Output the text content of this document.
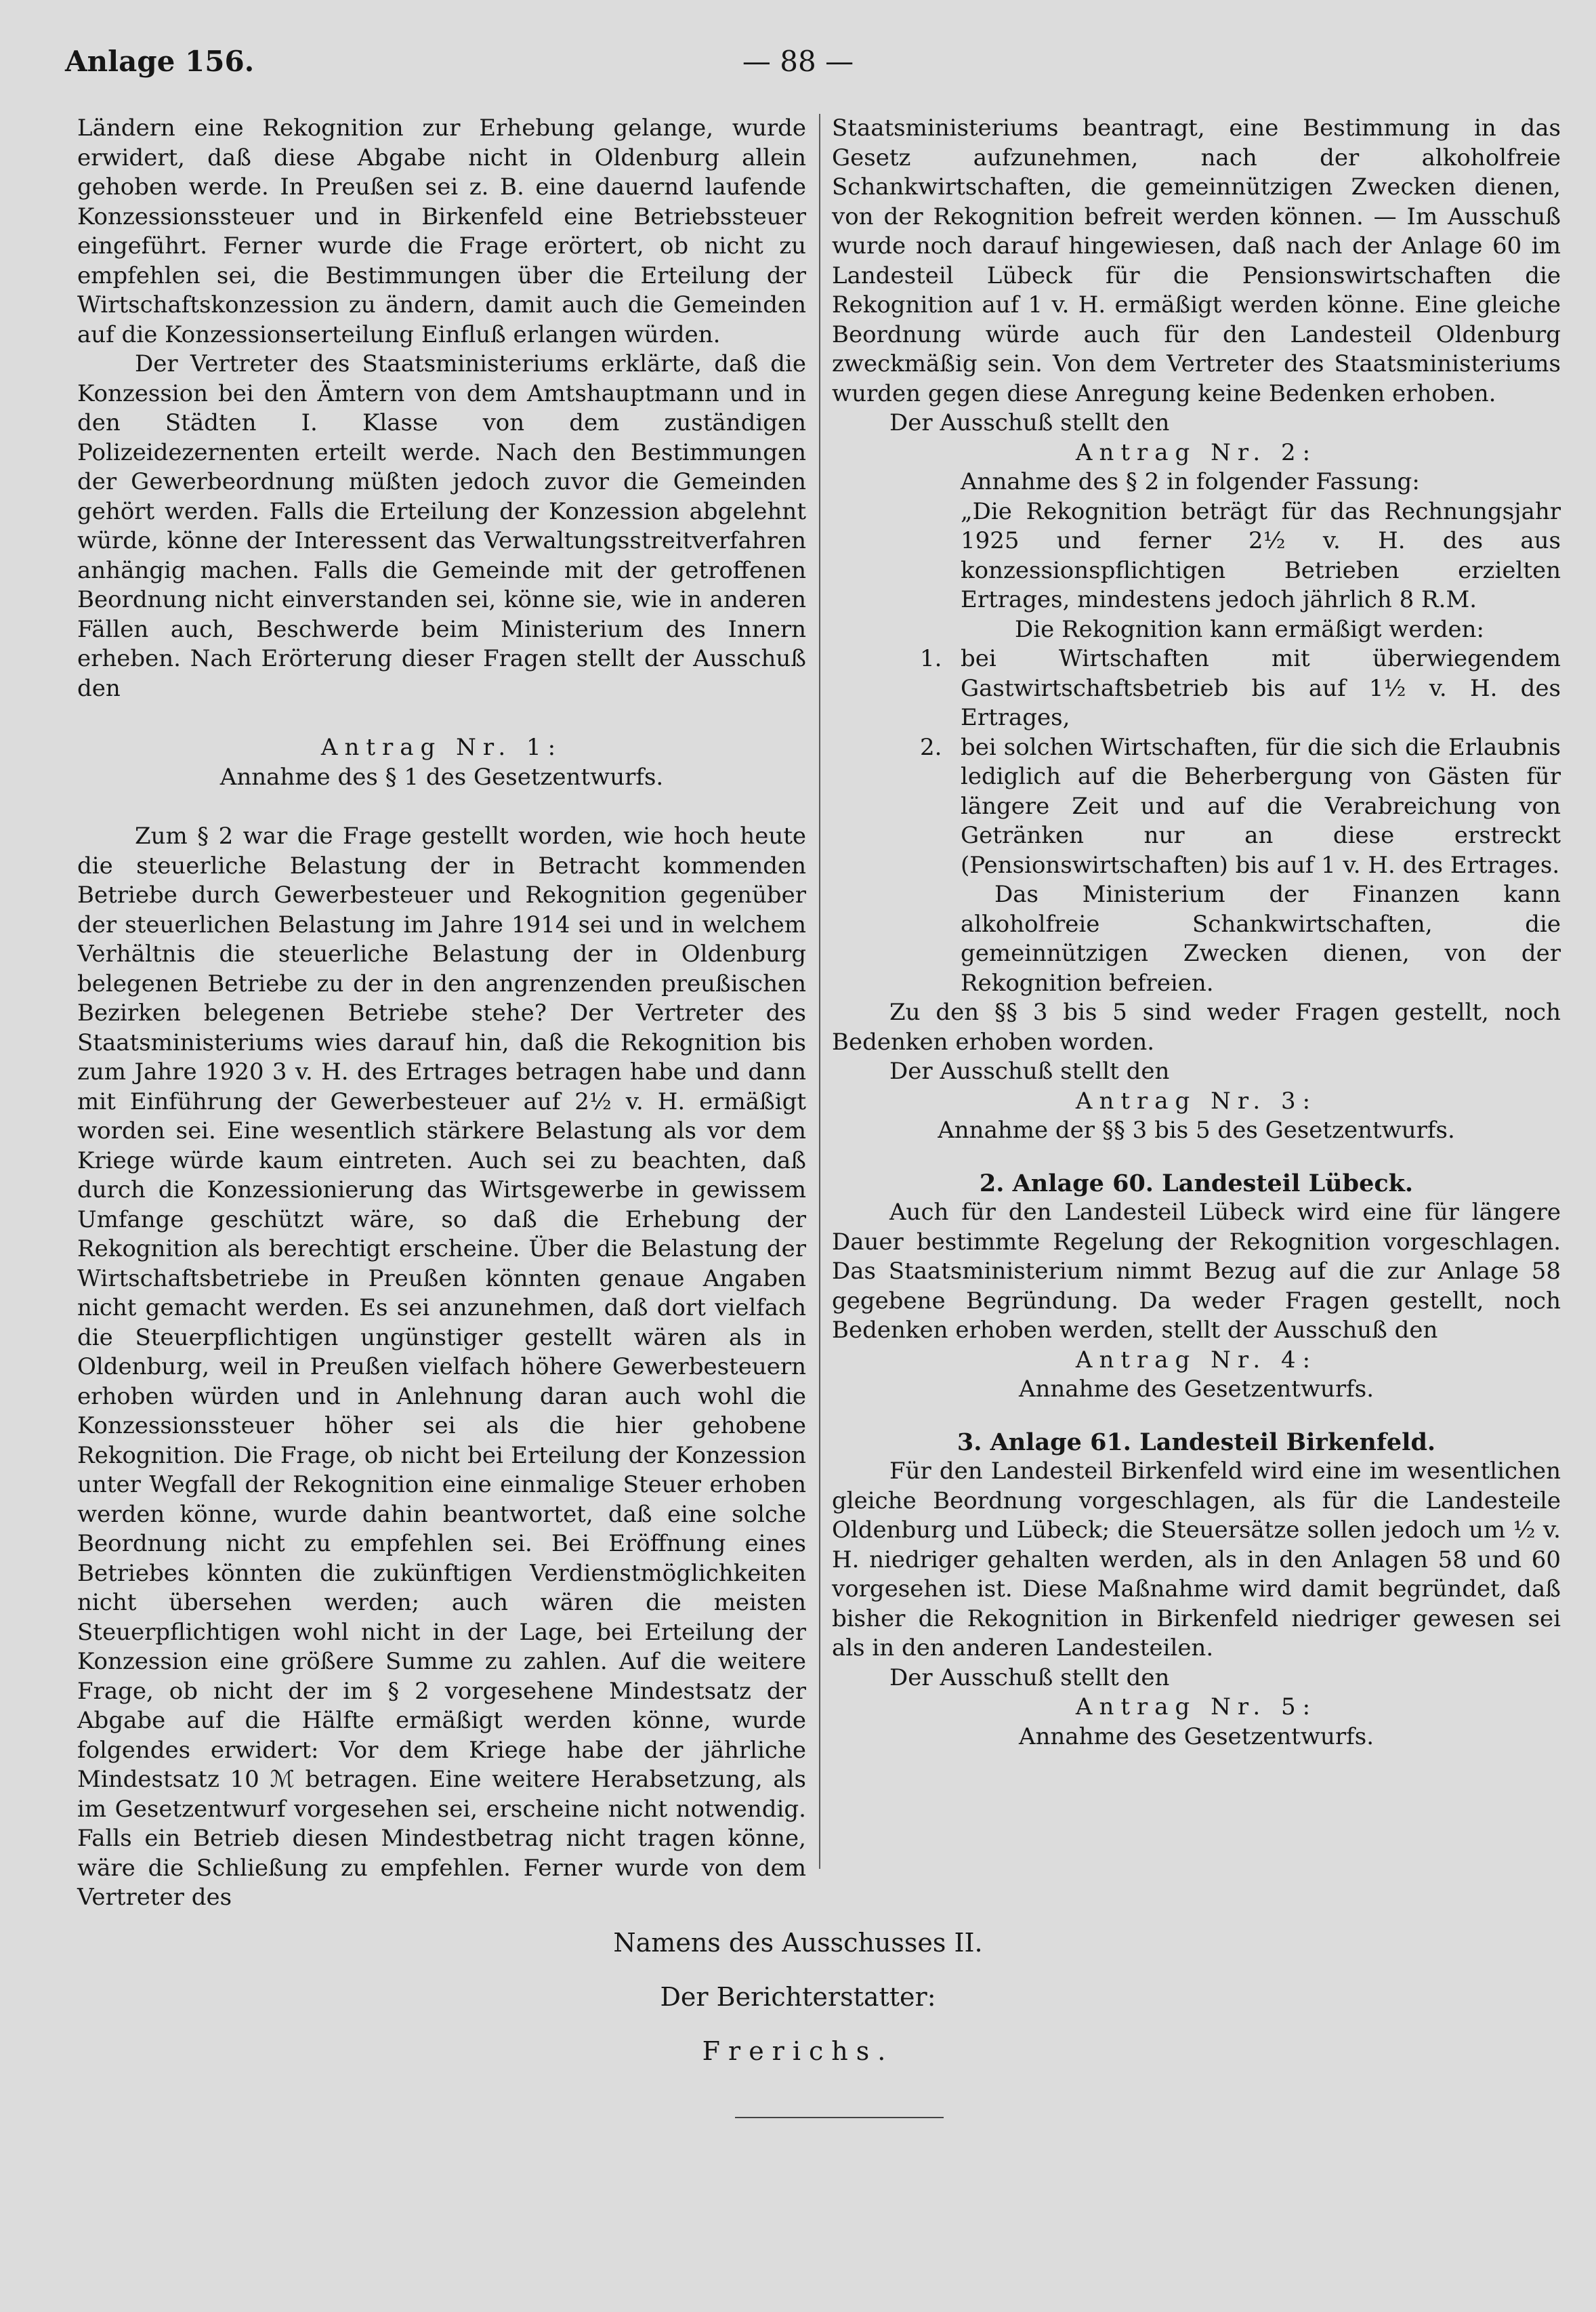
Anlage 156.	— 88 —

Ländern eine Rekognition zur Erhebung gelange, wurde erwidert, daß diese Abgabe nicht in Oldenburg allein gehoben werde. In Preußen sei z. B. eine dauernd laufende Konzessionssteuer und in Birkenfeld eine Betriebssteuer eingeführt. Ferner wurde die Frage erörtert, ob nicht zu empfehlen sei, die Bestimmungen über die Erteilung der Wirtschaftskonzession zu ändern, damit auch die Gemeinden auf die Konzessionserteilung Einfluß erlangen würden.

Der Vertreter des Staatsministeriums erklärte, daß die Konzession bei den Ämtern von dem Amtshauptmann und in den Städten I. Klasse von dem zuständigen Polizeidezernenten erteilt werde. Nach den Bestimmungen der Gewerbeordnung müßten jedoch zuvor die Gemeinden gehört werden. Falls die Erteilung der Konzession abgelehnt würde, könne der Interessent das Verwaltungsstreitverfahren anhängig machen. Falls die Gemeinde mit der getroffenen Beordnung nicht einverstanden sei, könne sie, wie in anderen Fällen auch, Beschwerde beim Ministerium des Innern erheben. Nach Erörterung dieser Fragen stellt der Ausschuß den

Antrag Nr. 1:

Annahme des § 1 des Gesetzentwurfs.

Zum § 2 war die Frage gestellt worden, wie hoch heute die steuerliche Belastung der in Betracht kommenden Betriebe durch Gewerbesteuer und Rekognition gegenüber der steuerlichen Belastung im Jahre 1914 sei und in welchem Verhältnis die steuerliche Belastung der in Oldenburg belegenen Betriebe zu der in den angrenzenden preußischen Bezirken belegenen Betriebe stehe? Der Vertreter des Staatsministeriums wies darauf hin, daß die Rekognition bis zum Jahre 1920 3 v. H. des Ertrages betragen habe und dann mit Einführung der Gewerbesteuer auf 2½ v. H. ermäßigt worden sei. Eine wesentlich stärkere Belastung als vor dem Kriege würde kaum eintreten. Auch sei zu beachten, daß durch die Konzessionierung das Wirtsgewerbe in gewissem Umfange geschützt wäre, so daß die Erhebung der Rekognition als berechtigt erscheine. Über die Belastung der Wirtschaftsbetriebe in Preußen könnten genaue Angaben nicht gemacht werden. Es sei anzunehmen, daß dort vielfach die Steuerpflichtigen ungünstiger gestellt wären als in Oldenburg, weil in Preußen vielfach höhere Gewerbesteuern erhoben würden und in Anlehnung daran auch wohl die Konzessionssteuer höher sei als die hier gehobene Rekognition. Die Frage, ob nicht bei Erteilung der Konzession unter Wegfall der Rekognition eine einmalige Steuer erhoben werden könne, wurde dahin beantwortet, daß eine solche Beordnung nicht zu empfehlen sei. Bei Eröffnung eines Betriebes könnten die zukünftigen Verdienstmöglichkeiten nicht übersehen werden; auch wären die meisten Steuerpflichtigen wohl nicht in der Lage, bei Erteilung der Konzession eine größere Summe zu zahlen. Auf die weitere Frage, ob nicht der im § 2 vorgesehene Mindestsatz der Abgabe auf die Hälfte ermäßigt werden könne, wurde folgendes erwidert: Vor dem Kriege habe der jährliche Mindestsatz 10 ℳ betragen. Eine weitere Herabsetzung, als im Gesetzentwurf vorgesehen sei, erscheine nicht notwendig. Falls ein Betrieb diesen Mindestbetrag nicht tragen könne, wäre die Schließung zu empfehlen. Ferner wurde von dem Vertreter des

Staatsministeriums beantragt, eine Bestimmung in das Gesetz aufzunehmen, nach der alkoholfreie Schankwirtschaften, die gemeinnützigen Zwecken dienen, von der Rekognition befreit werden können. — Im Ausschuß wurde noch darauf hingewiesen, daß nach der Anlage 60 im Landesteil Lübeck für die Pensionswirtschaften die Rekognition auf 1 v. H. ermäßigt werden könne. Eine gleiche Beordnung würde auch für den Landesteil Oldenburg zweckmäßig sein. Von dem Vertreter des Staatsministeriums wurden gegen diese Anregung keine Bedenken erhoben.

Der Ausschuß stellt den

Antrag Nr. 2:

Annahme des § 2 in folgender Fassung:

„Die Rekognition beträgt für das Rechnungsjahr 1925 und ferner 2½ v. H. des aus konzessionspflichtigen Betrieben erzielten Ertrages, mindestens jedoch jährlich 8 R.M.

Die Rekognition kann ermäßigt werden:

1. bei Wirtschaften mit überwiegendem Gastwirtschaftsbetrieb bis auf 1½ v. H. des Ertrages,
2. bei solchen Wirtschaften, für die sich die Erlaubnis lediglich auf die Beherbergung von Gästen für längere Zeit und auf die Verabreichung von Getränken nur an diese erstreckt (Pensionswirtschaften) bis auf 1 v. H. des Ertrages.

Das Ministerium der Finanzen kann alkoholfreie Schankwirtschaften, die gemeinnützigen Zwecken dienen, von der Rekognition befreien.

Zu den §§ 3 bis 5 sind weder Fragen gestellt, noch Bedenken erhoben worden.

Der Ausschuß stellt den

Antrag Nr. 3:

Annahme der §§ 3 bis 5 des Gesetzentwurfs.

2. Anlage 60. Landesteil Lübeck.

Auch für den Landesteil Lübeck wird eine für längere Dauer bestimmte Regelung der Rekognition vorgeschlagen. Das Staatsministerium nimmt Bezug auf die zur Anlage 58 gegebene Begründung. Da weder Fragen gestellt, noch Bedenken erhoben werden, stellt der Ausschuß den

Antrag Nr. 4:

Annahme des Gesetzentwurfs.

3. Anlage 61. Landesteil Birkenfeld.

Für den Landesteil Birkenfeld wird eine im wesentlichen gleiche Beordnung vorgeschlagen, als für die Landesteile Oldenburg und Lübeck; die Steuersätze sollen jedoch um ½ v. H. niedriger gehalten werden, als in den Anlagen 58 und 60 vorgesehen ist. Diese Maßnahme wird damit begründet, daß bisher die Rekognition in Birkenfeld niedriger gewesen sei als in den anderen Landesteilen.

Der Ausschuß stellt den

Antrag Nr. 5:

Annahme des Gesetzentwurfs.

Namens des Ausschusses II.
Der Berichterstatter:
Frerichs.
